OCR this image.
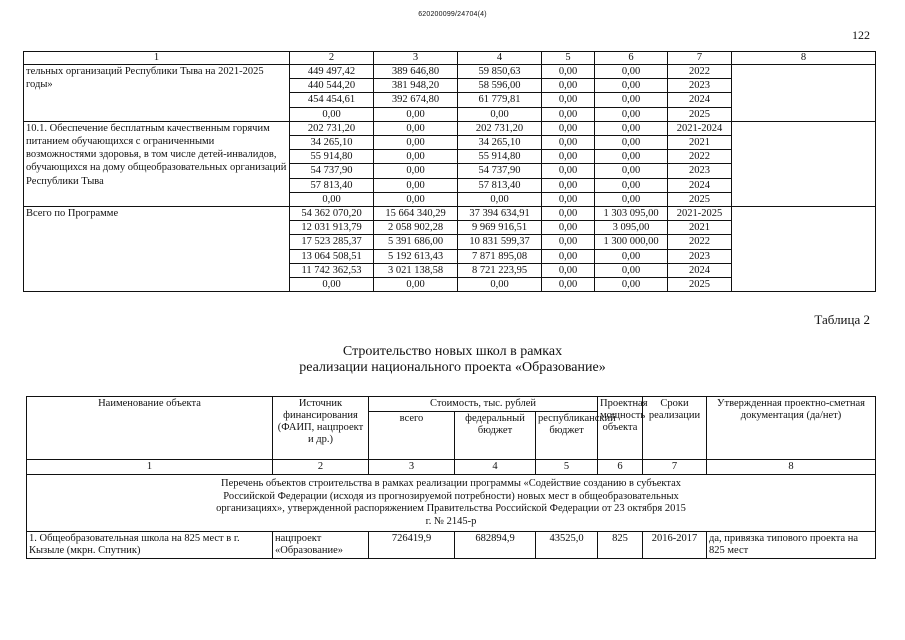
620200099/24704(4)
122
1	2	3	4	5	6	7	8
тельных организаций Республики Тыва на 2021-2025 годы»	449 497,42	389 646,80	59 850,63	0,00	0,00	2022	
	440 544,20	381 948,20	58 596,00	0,00	0,00	2023	
	454 454,61	392 674,80	61 779,81	0,00	0,00	2024	
	0,00	0,00	0,00	0,00	0,00	2025	
10.1. Обеспечение бесплатным качественным горячим питанием обучающихся с ограниченными возможностями здоровья, в том числе детей-инвалидов, обучающихся на дому общеобразовательных организаций Республики Тыва	202 731,20	0,00	202 731,20	0,00	0,00	2021-2024	
	34 265,10	0,00	34 265,10	0,00	0,00	2021	
	55 914,80	0,00	55 914,80	0,00	0,00	2022	
	54 737,90	0,00	54 737,90	0,00	0,00	2023	
	57 813,40	0,00	57 813,40	0,00	0,00	2024	
	0,00	0,00	0,00	0,00	0,00	2025	
Всего по Программе	54 362 070,20	15 664 340,29	37 394 634,91	0,00	1 303 095,00	2021-2025	
	12 031 913,79	2 058 902,28	9 969 916,51	0,00	3 095,00	2021	
	17 523 285,37	5 391 686,00	10 831 599,37	0,00	1 300 000,00	2022	
	13 064 508,51	5 192 613,43	7 871 895,08	0,00	0,00	2023	
	11 742 362,53	3 021 138,58	8 721 223,95	0,00	0,00	2024	
	0,00	0,00	0,00	0,00	0,00	2025	
Таблица 2
Строительство новых школ в рамках
реализации национального проекта «Образование»
Наименование объекта	Источник финансирования (ФАИП, нацпроект и др.)	Стоимость, тыс. рублей			Проектная мощность объекта	Сроки реализации	Утвержденная проектно-сметная документация (да/нет)
		всего	федеральный бюджет	республиканский бюджет			
1	2	3	4	5	6	7	8
Перечень объектов строительства в рамках реализации программы «Содействие созданию в субъектах Российской Федерации (исходя из прогнозируемой потребности) новых мест в общеобразовательных организациях», утвержденной распоряжением Правительства Российской Федерации от 23 октября 2015 г. № 2145-р							
1. Общеобразовательная школа на 825 мест в г. Кызыле (мкрн. Спутник)	нацпроект «Образование»	726419,9	682894,9	43525,0	825	2016-2017	да, привязка типового проекта на 825 мест
